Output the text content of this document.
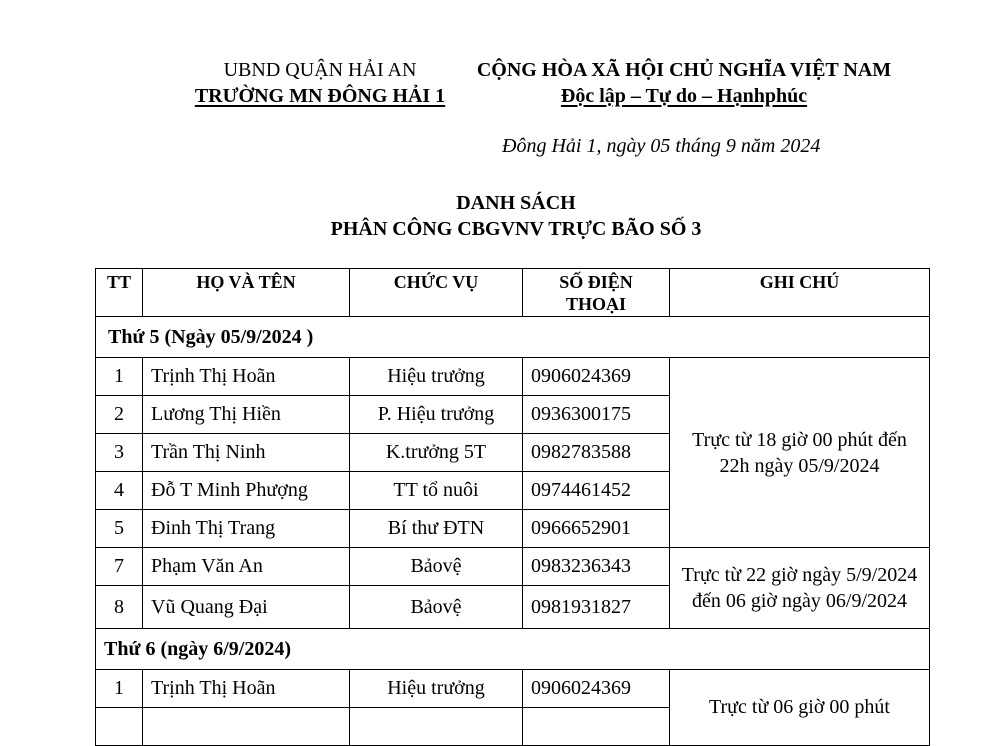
UBND QUẬN HẢI AN
TRƯỜNG MN ĐÔNG HẢI 1
CỘNG HÒA XÃ HỘI CHỦ NGHĨA VIỆT NAM
Độc lập – Tự do – Hạnhphúc
Đông Hải 1, ngày 05 tháng 9 năm 2024
DANH SÁCH
PHÂN CÔNG CBGVNV TRỰC BÃO SỐ 3
TT	HỌ VÀ TÊN	CHỨC VỤ	SỐ ĐIỆN THOẠI	GHI CHÚ
Thứ 5 (Ngày 05/9/2024 )				
1	Trịnh Thị Hoãn	Hiệu trưởng	0906024369	Trực từ 18 giờ 00 phút đến 22h ngày 05/9/2024
2	Lương Thị Hiền	P. Hiệu trưởng	0936300175	
3	Trần Thị Ninh	K.trưởng 5T	0982783588	
4	Đỗ T Minh Phượng	TT tổ nuôi	0974461452	
5	Đinh Thị Trang	Bí thư ĐTN	0966652901	
7	Phạm Văn An	Bảovệ	0983236343	Trực từ 22 giờ ngày 5/9/2024 đến 06 giờ ngày 06/9/2024
8	Vũ Quang Đại	Bảovệ	0981931827	
Thứ 6 (ngày 6/9/2024)				
1	Trịnh Thị Hoãn	Hiệu trưởng	0906024369	Trực từ 06 giờ 00 phút
